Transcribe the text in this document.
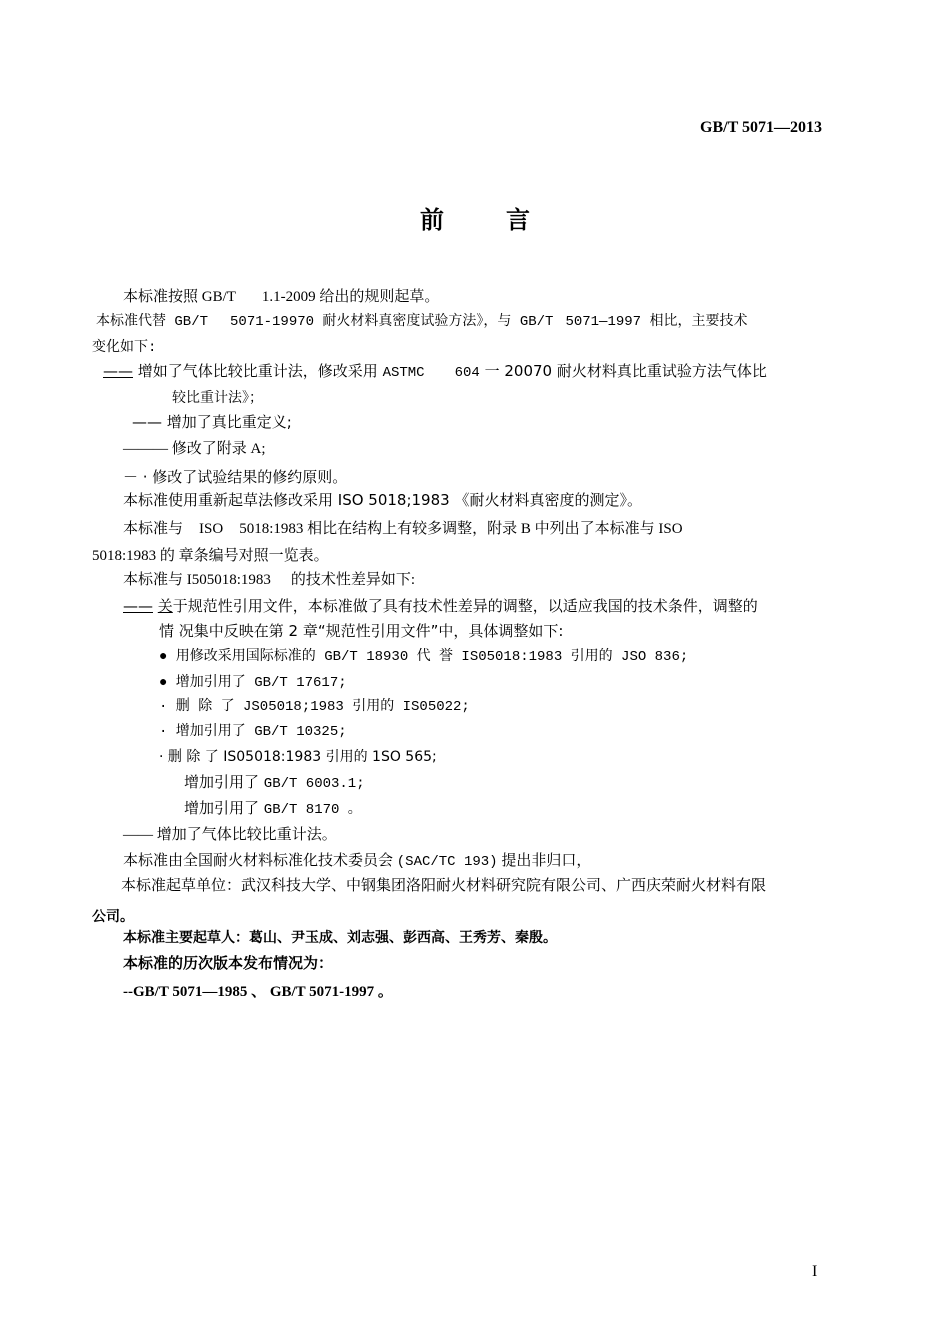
GB/T 5071—2013
前	言
本标准按照 GB/T 1.1-2009 给出的规则起草。
本标准代替 GB/T 5071-19970 耐火材料真密度试验方法》，与 GB/T 5071—1997 相比，主要技术
变化如下:
—— 增如了气体比较比重计法，修改采用 ASTMC 604 一 20070 耐火材料真比重试验方法气体比
较比重计法》；
—— 增加了真比重定义;
——— 修改了附录 A;
－ · 修改了试验结果的修约原则。
本标准使用重新起草法修改采用 ISO 5018;1983 《耐火材料真密度的测定》。
本标准与 ISO 5018:1983 相比在结构上有较多调整，附录 B 中列出了本标准与 ISO
5018:1983 的 章条编号对照一览表。
本标准与 I505018:1983 的技术性差异如下:
—— 关于规范性引用文件，本标准做了具有技术性差异的调整，以适应我国的技术条件，调整的
情 况集中反映在第 2 章“规范性引用文件”中，具体调整如下:
● 用修改采用国际标准的 GB/T 18930 代 誉 IS05018:1983 引用的 JSO 836;
● 增加引用了 GB/T 17617;
· 删 除 了 JS05018;1983 引用的 IS05022;
· 增加引用了 GB/T 10325;
· 删 除 了 IS05018:1983 引用的 1SO 565;
增加引用了 GB/T 6003.1;
增加引用了 GB/T 8170 。
—— 增加了气体比较比重计法。
本标准由全国耐火材料标准化技术委员会 (SAC/TC 193) 提出非归口，
本标准起草单位：武汉科技大学、中钢集团洛阳耐火材料研究院有限公司、广西庆荣耐火材料有限
公司。
本标准主要起草人：葛山、尹玉成、刘志强、彭西高、王秀芳、秦殷。
本标准的历次版本发布情况为：
--GB/T 5071—1985 、 GB/T 5071-1997 。
I
